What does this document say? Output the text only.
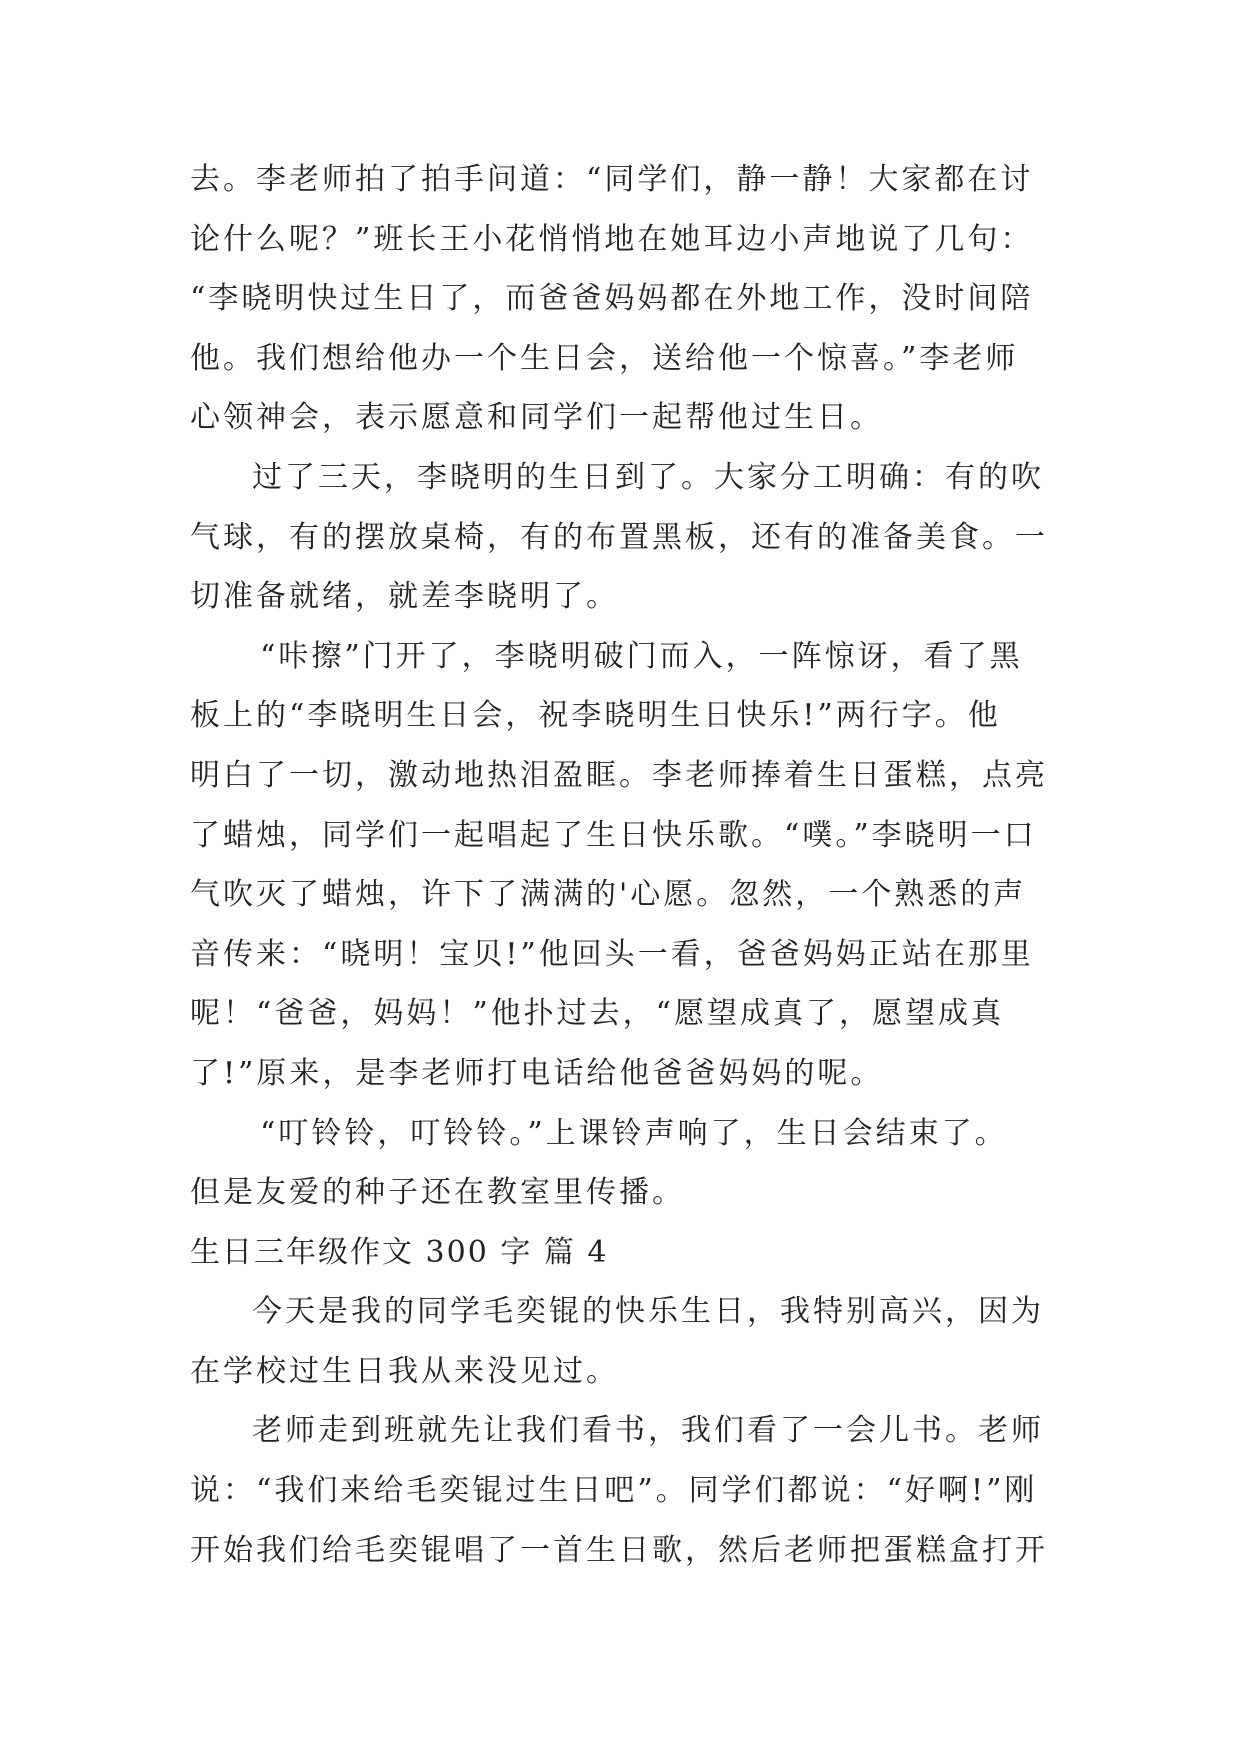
去。李老师拍了拍手问道：“同学们，静一静！大家都在讨
论什么呢？”班长王小花悄悄地在她耳边小声地说了几句：
“李晓明快过生日了，而爸爸妈妈都在外地工作，没时间陪
他。我们想给他办一个生日会，送给他一个惊喜。”李老师
心领神会，表示愿意和同学们一起帮他过生日。
过了三天，李晓明的生日到了。大家分工明确：有的吹
气球，有的摆放桌椅，有的布置黑板，还有的准备美食。一
切准备就绪，就差李晓明了。
“咔擦”门开了，李晓明破门而入，一阵惊讶，看了黑
板上的“李晓明生日会，祝李晓明生日快乐!”两行字。他
明白了一切，激动地热泪盈眶。李老师捧着生日蛋糕，点亮
了蜡烛，同学们一起唱起了生日快乐歌。“噗。”李晓明一口
气吹灭了蜡烛，许下了满满的'心愿。忽然，一个熟悉的声
音传来：“晓明！宝贝!”他回头一看，爸爸妈妈正站在那里
呢！“爸爸，妈妈！”他扑过去，“愿望成真了，愿望成真
了!”原来，是李老师打电话给他爸爸妈妈的呢。
“叮铃铃，叮铃铃。”上课铃声响了，生日会结束了。
但是友爱的种子还在教室里传播。
生日三年级作文 300 字 篇 4
今天是我的同学毛奕锟的快乐生日，我特别高兴，因为
在学校过生日我从来没见过。
老师走到班就先让我们看书，我们看了一会儿书。老师
说：“我们来给毛奕锟过生日吧”。同学们都说：“好啊!”刚
开始我们给毛奕锟唱了一首生日歌，然后老师把蛋糕盒打开
